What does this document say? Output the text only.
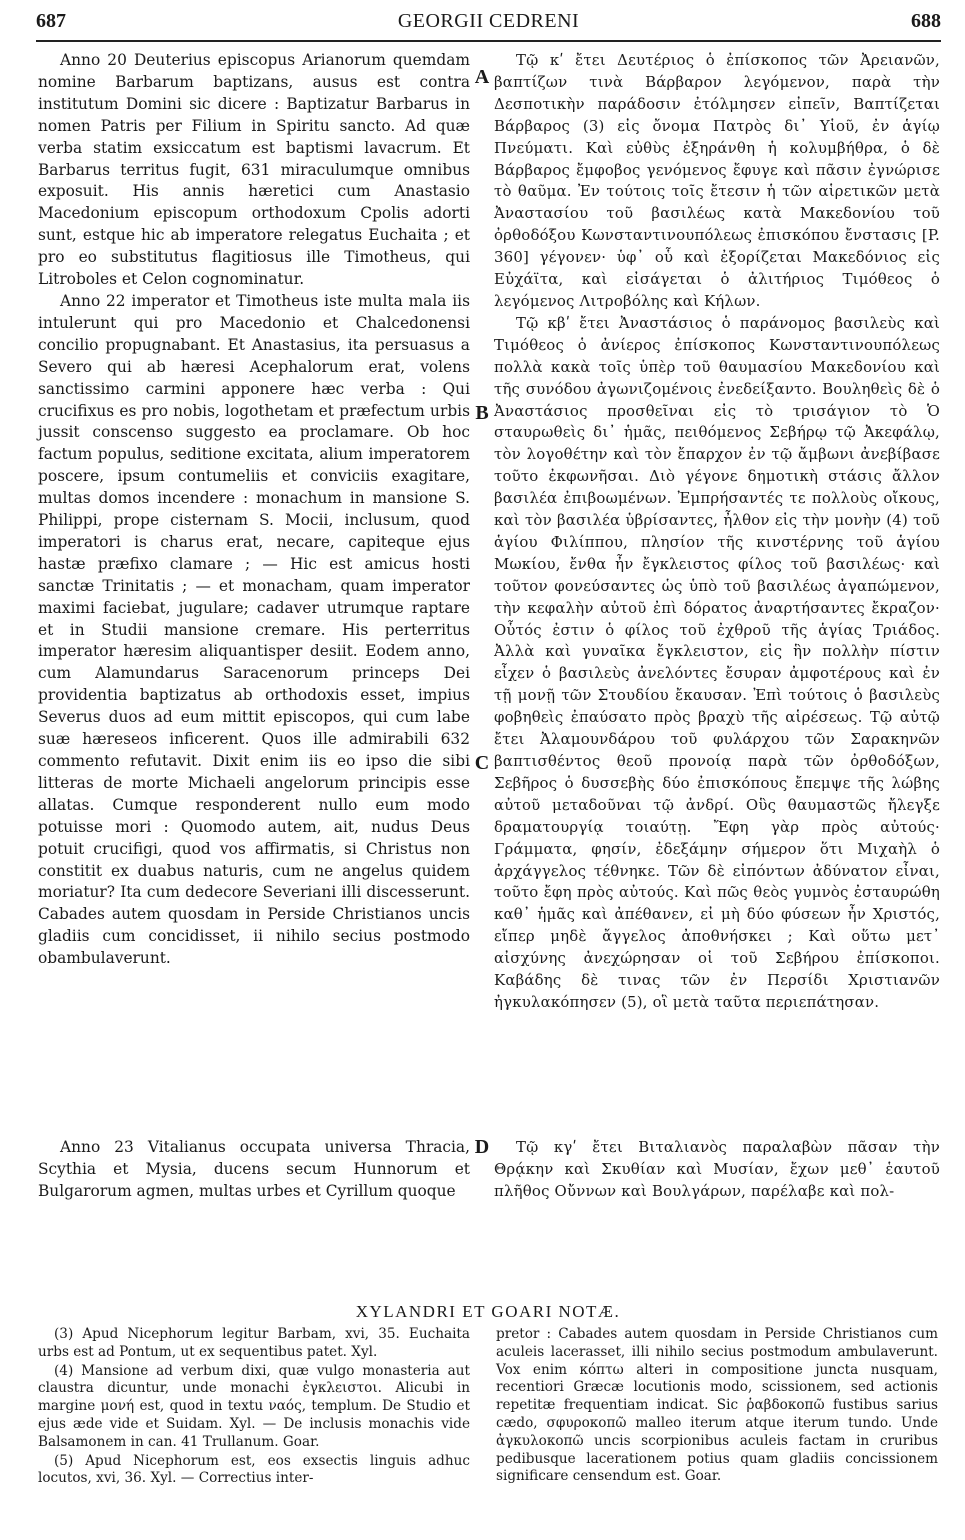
687	GEORGII CEDRENI	688

Anno 20 Deuterius episcopus Arianorum quemdam nomine Barbarum baptizans, ausus est contra institutum Domini sic dicere : Baptizatur Barbarus in nomen Patris per Filium in Spiritu sancto. Ad quæ verba statim exsiccatum est baptismi lavacrum. Et Barbarus territus fugit, 631 miraculumque omnibus exposuit. His annis hæretici cum Anastasio Macedonium episcopum orthodoxum Cpolis adorti sunt, estque hic ab imperatore relegatus Euchaita ; et pro eo substitutus flagitiosus ille Timotheus, qui Litroboles et Celon cognominatur.

Anno 22 imperator et Timotheus iste multa mala iis intulerunt qui pro Macedonio et Chalcedonensi concilio propugnabant. Et Anastasius, ita persuasus a Severo qui ab hæresi Acephalorum erat, volens sanctissimo carmini apponere hæc verba : Qui crucifixus es pro nobis, logothetam et præfectum urbis jussit conscenso suggesto ea proclamare. Ob hoc factum populus, seditione excitata, alium imperatorem poscere, ipsum contumeliis et conviciis exagitare, multas domos incendere : monachum in mansione S. Philippi, prope cisternam S. Mocii, inclusum, quod imperatori is charus erat, necare, capiteque ejus hastæ præfixo clamare ; — Hic est amicus hosti sanctæ Trinitatis ; — et monacham, quam imperator maximi faciebat, jugulare; cadaver utrumque raptare et in Studii mansione cremare. His perterritus imperator hæresim aliquantisper desiit. Eodem anno, cum Alamundarus Saracenorum princeps Dei providentia baptizatus ab orthodoxis esset, impius Severus duos ad eum mittit episcopos, qui cum labe suæ hæreseos inficerent. Quos ille admirabili 632 commento refutavit. Dixit enim iis eo ipso die sibi litteras de morte Michaeli angelorum principis esse allatas. Cumque responderent nullo eum modo potuisse mori : Quomodo autem, ait, nudus Deus potuit crucifigi, quod vos affirmatis, si Christus non constitit ex duabus naturis, cum ne angelus quidem moriatur? Ita cum dedecore Severiani illi discesserunt. Cabades autem quosdam in Perside Christianos uncis gladiis cum concidisset, ii nihilo secius postmodo obambulaverunt.

Anno 23 Vitalianus occupata universa Thracia, Scythia et Mysia, ducens secum Hunnorum et Bulgarorum agmen, multas urbes et Cyrillum quoque

A
B
C
D

Τῷ κʹ ἔτει Δευτέριος ὁ ἐπίσκοπος τῶν Ἀρειανῶν, βαπτίζων τινὰ Βάρβαρον λεγόμενον, παρὰ τὴν Δεσποτικὴν παράδοσιν ἐτόλμησεν εἰπεῖν, Βαπτίζεται Βάρβαρος (3) εἰς ὄνομα Πατρὸς δι᾽ Υἱοῦ, ἐν ἁγίῳ Πνεύματι. Καὶ εὐθὺς ἐξηράνθη ἡ κολυμβήθρα, ὁ δὲ Βάρβαρος ἔμφοβος γενόμενος ἔφυγε καὶ πᾶσιν ἐγνώρισε τὸ θαῦμα. Ἐν τούτοις τοῖς ἔτεσιν ἡ τῶν αἱρετικῶν μετὰ Ἀναστασίου τοῦ βασιλέως κατὰ Μακεδονίου τοῦ ὀρθοδόξου Κωνσταντινουπόλεως ἐπισκόπου ἔνστασις [P. 360] γέγονεν· ὑφ᾽ οὗ καὶ ἐξορίζεται Μακεδόνιος εἰς Εὐχάϊτα, καὶ εἰσάγεται ὁ ἀλιτήριος Τιμόθεος ὁ λεγόμενος Λιτροβόλης καὶ Κήλων.

Τῷ κβʹ ἔτει Ἀναστάσιος ὁ παράνομος βασιλεὺς καὶ Τιμόθεος ὁ ἀνίερος ἐπίσκοπος Κωνσταντινουπόλεως πολλὰ κακὰ τοῖς ὑπὲρ τοῦ θαυμασίου Μακεδονίου καὶ τῆς συνόδου ἀγωνιζομένοις ἐνεδείξαντο. Βουληθεὶς δὲ ὁ Ἀναστάσιος προσθεῖναι εἰς τὸ τρισάγιον τὸ Ὁ σταυρωθεὶς δι᾽ ἡμᾶς, πειθόμενος Σεβήρῳ τῷ Ἀκεφάλῳ, τὸν λογοθέτην καὶ τὸν ἔπαρχον ἐν τῷ ἄμβωνι ἀνεβίβασε τοῦτο ἐκφωνῆσαι. Διὸ γέγονε δημοτικὴ στάσις ἄλλον βασιλέα ἐπιβοωμένων. Ἐμπρήσαντές τε πολλοὺς οἴκους, καὶ τὸν βασιλέα ὑβρίσαντες, ἦλθον εἰς τὴν μονὴν (4) τοῦ ἁγίου Φιλίππου, πλησίον τῆς κινστέρνης τοῦ ἁγίου Μωκίου, ἔνθα ἦν ἔγκλειστος φίλος τοῦ βασιλέως· καὶ τοῦτον φονεύσαντες ὡς ὑπὸ τοῦ βασιλέως ἀγαπώμενον, τὴν κεφαλὴν αὐτοῦ ἐπὶ δόρατος ἀναρτήσαντες ἔκραζον· Οὗτός ἐστιν ὁ φίλος τοῦ ἐχθροῦ τῆς ἁγίας Τριάδος. Ἀλλὰ καὶ γυναῖκα ἔγκλειστον, εἰς ἣν πολλὴν πίστιν εἶχεν ὁ βασιλεὺς ἀνελόντες ἔσυραν ἀμφοτέρους καὶ ἐν τῇ μονῇ τῶν Στουδίου ἔκαυσαν. Ἐπὶ τούτοις ὁ βασιλεὺς φοβηθεὶς ἐπαύσατο πρὸς βραχὺ τῆς αἱρέσεως. Τῷ αὐτῷ ἔτει Ἀλαμουνδάρου τοῦ φυλάρχου τῶν Σαρακηνῶν βαπτισθέντος θεοῦ προνοίᾳ παρὰ τῶν ὀρθοδόξων, Σεβῆρος ὁ δυσσεβὴς δύο ἐπισκόπους ἔπεμψε τῆς λώβης αὐτοῦ μεταδοῦναι τῷ ἀνδρί. Οὓς θαυμαστῶς ἤλεγξε δραματουργίᾳ τοιαύτῃ. Ἔφη γὰρ πρὸς αὐτούς· Γράμματα, φησίν, ἐδεξάμην σήμερον ὅτι Μιχαὴλ ὁ ἀρχάγγελος τέθνηκε. Τῶν δὲ εἰπόντων ἀδύνατον εἶναι, τοῦτο ἔφη πρὸς αὐτούς. Καὶ πῶς θεὸς γυμνὸς ἐσταυρώθη καθ᾽ ἡμᾶς καὶ ἀπέθανεν, εἰ μὴ δύο φύσεων ἦν Χριστός, εἴπερ μηδὲ ἄγγελος ἀποθνήσκει ; Καὶ οὕτω μετ᾽ αἰσχύνης ἀνεχώρησαν οἱ τοῦ Σεβήρου ἐπίσκοποι. Καβάδης δὲ τινας τῶν ἐν Περσίδι Χριστιανῶν ἠγκυλακόπησεν (5), οἳ μετὰ ταῦτα περιεπάτησαν.

Τῷ κγʹ ἔτει Βιταλιανὸς παραλαβὼν πᾶσαν τὴν Θρᾴκην καὶ Σκυθίαν καὶ Μυσίαν, ἔχων μεθ᾽ ἑαυτοῦ πλῆθος Οὔννων καὶ Βουλγάρων, παρέλαβε καὶ πολ-

XYLANDRI ET GOARI NOTÆ.

(3) Apud Nicephorum legitur Barbam, xvi, 35. Euchaita urbs est ad Pontum, ut ex sequentibus patet. Xyl.

(4) Mansione ad verbum dixi, quæ vulgo monasteria aut claustra dicuntur, unde monachi ἐγκλειστοι. Alicubi in margine μονή est, quod in textu ναός, templum. De Studio et ejus æde vide et Suidam. Xyl. — De inclusis monachis vide Balsamonem in can. 41 Trullanum. Goar.

(5) Apud Nicephorum est, eos exsectis linguis adhuc locutos, xvi, 36. Xyl. — Correctius inter-

pretor : Cabades autem quosdam in Perside Christianos cum aculeis lacerasset, illi nihilo secius postmodum ambulaverunt. Vox enim κόπτω alteri in compositione juncta nusquam, recentiori Græcæ locutionis modo, scissionem, sed actionis repetitæ frequentiam indicat. Sic ῥαβδοκοπῶ fustibus sarius cædo, σφυροκοπῶ malleo iterum atque iterum tundo. Unde ἀγκυλοκοπῶ uncis scorpionibus aculeis factam in cruribus pedibusque lacerationem potius quam gladiis concissionem significare censendum est. Goar.
